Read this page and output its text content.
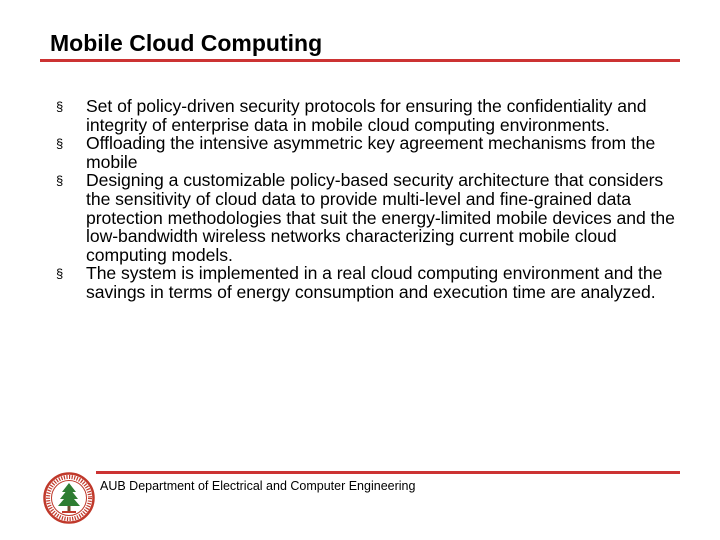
Mobile Cloud Computing
§ Set of policy-driven security protocols for ensuring the confidentiality and integrity of enterprise data in mobile cloud computing environments.
§ Offloading the intensive asymmetric key agreement mechanisms from the mobile
§ Designing a customizable policy-based security architecture that considers the sensitivity of cloud data to provide multi-level and fine-grained data protection methodologies that suit the energy-limited mobile devices and the low-bandwidth wireless networks characterizing current mobile cloud computing models.
§ The system is implemented in a real cloud computing environment and the savings in terms of energy consumption and execution time are analyzed.
AUB Department of Electrical and Computer Engineering
